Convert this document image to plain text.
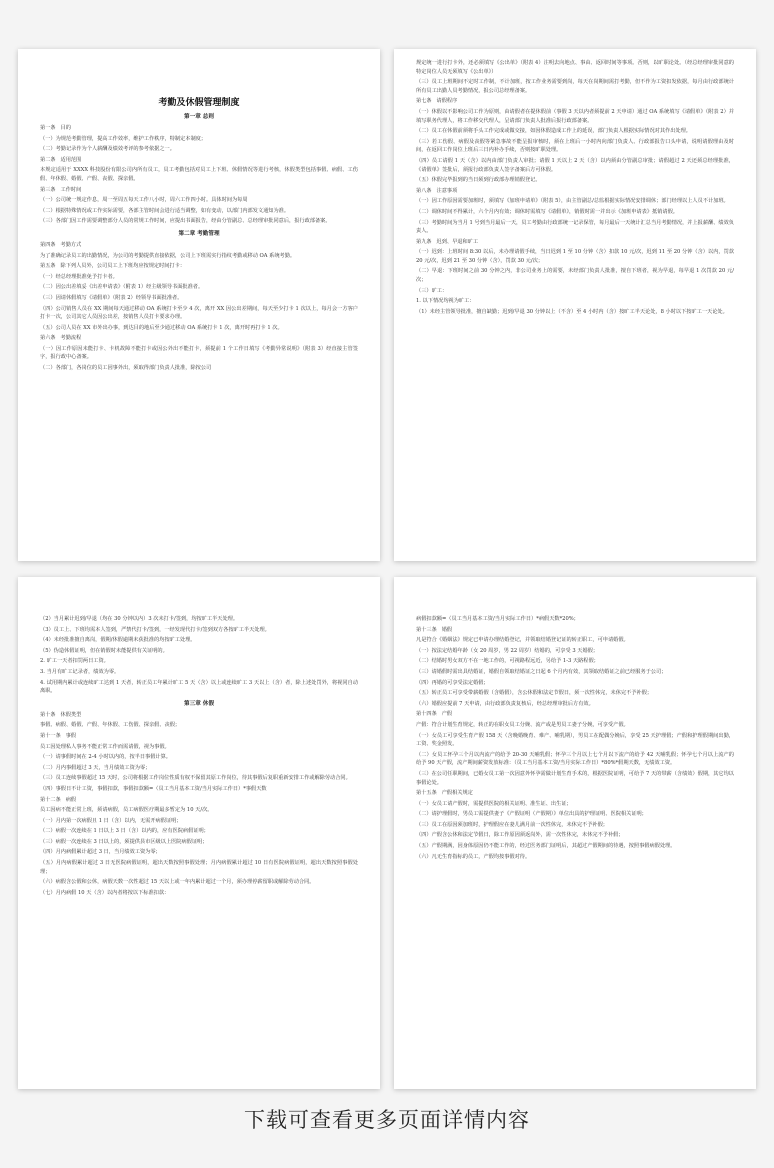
考勤及休假管理制度
第一章 总则
第一条   目的
（一）为规范考勤管理，提高工作效率，维护工作秩序，特制定本制度；
（二）考勤记录作为个人薪酬及绩效考评的参考依据之一。
第二条   适用范围
本规定适用于 XXXX 科技股份有限公司内所有员工，员工考勤包括对员工上下班、休假情况等进行考核，休假类型包括事假、病假、工伤假、年休假、婚假、产假、丧假、探亲假。
第三条   工作时间
（一）公司统一规定作息，周一至周五每天工作八小时，周六工作四小时。具体时间为每周
（二）根据特殊情况或工作实际需要，各部主管时间会进行适当调整，如有变动，以部门内部发文通知为准。
（三）各部门因工作需要调整部分人员的常规工作时间，应提出书面报告，经由分管副总、总经理审批同意后，报行政部备案。
第二章 考勤管理
第四条   考勤方式
为了准确记录员工的出勤情况，为公司的考勤提供直接依据，公司上下班需实行指纹考勤或移动 OA 系统考勤。
第五条   除下列人员外，公司员工上下班均应按规定时间打卡：
（一）经总经理批准免予打卡者。
（二）因公出差填妥《出差申请表》（附表 1）经主级领导书面批准者。
（三）因请休假填写《请假单》（附表 2）经领导书面批准者。
（四）公司销售人员在 XX 期间每天通过移动 OA 系统打卡至少 4 次，离开 XX 因公出差期间，每天至少打卡 1 次以上，每月会一方客户打卡一次，公司其它人员因公出差，按销售人员打卡要求办理。
（五）公司人员在 XX 市外出办事，到达目的地后至少通过移动 OA 系统打卡 1 次，离开时再打卡 1 次。
第六条   考勤流程
（一）因工作原因未能打卡、卡机故障不能打卡或因公外出不能打卡，须提前 1 个工作日填写《考勤异常说明》（附表 3）经直接主管签字，报行政中心备案。
（二）各部门，各岗位的员工因事外出，须取得部门负责人批准，除按公司
规定统一进行打卡外，还必须填写《公出单》（附表 4）注明去向地点、事由、返回时间等事项。否则，以旷职论处。（经总经理审批同意的特定岗位人员无须填写《公出单》）
（三）员工上班期间不定时工作制，不计加班，按工作业务需要到岗，每天在岗期间需打考勤，但不作为工资扣发依据，每月由行政部统计所有员工出勤人员考勤情况，报公司总经理备案。
第七条   请假程序
（一）休假以不影响公司工作为原则，由请假者在提休假前（事假 3 天以内者须提前 2 天申请）通过 OA 系统填写《请假单》（附表 2）并填写职务代理人，将工作移交代理人，呈请部门负责人批准后报行政部备案。
（二）员工在休假前须将手头工作完成或做交接，如因休假造成工作上的延误，部门负责人根据实际情况对其作出处理。
（三）若工伤假、病假及丧假等紧急事故不能呈报审核时，须在上班后一小时内向部门负责人、行政部报告口头申请，说明请假理由及时间，在返回工作岗位上班后三日内补办手续，否则按旷职处理。
（四）员工请假 1 天（含）以内由部门负责人审批；请假 1 天以上 2 天（含）以内须由分管副总审批；请假超过 2 天还须总经理批准，《请假单》签批后，须报行政部负责人签字备案后方可休假。
（五）休假完毕报到的当日须到行政部办理销假登记。
第八条   注意事项
（一）因工作原因需要加班时，须填写《加班申请单》（附表 5），由主管副总/总监根据实际情况安排调休；部门经理以上人员不计加班。
（二）调休时间不得累计，六个月内有效；调休时需填写《请假单》，销假时需一并出示《加班申请表》抵销请假。
（三）考勤时间为当月 1 号到当月最后一天，员工考勤由行政部统一记录保管，每月最后一天统计汇总当月考勤情况，并上报薪酬、绩效负责人。
第九条   迟到、早退和旷工
（一）迟到：上班时间 8:30 以后，未办理请假手续，当日迟到 1 至 10 分钟（含）扣款 10 元/次，迟到 11 至 20 分钟（含）以内，罚款 20 元/次，迟到 21 至 30 分钟（含），罚款 30 元/次；
（二）早退：下班时间之前 30 分钟之内，非公司业务上的需要，未经部门负责人批准，擅自下班者，视为早退，每早退 1 次罚款 20 元/次；
（三）旷工：
1. 以下情况均视为旷工：
（1）未经主管领导批准，擅自缺勤；迟到/早退 30 分钟以上（不含）至 4 小时内（含）按旷工半天论处，8 小时以下按旷工一天论处。
（2）当月累计迟到/早退（均在 30 分钟以内）3 次未打卡/签到，均按旷工半天处理。
（3）员工上、下班均需本人签到，严禁代打卡/签到，一经发现代打卡/签到双方各按旷工半天处理。
（4）未经批准擅自离岗，假期/休假逾期未获批准的均按旷工处理。
（5）伪造休假证明，但在销假时未能提供有关证明的。
2. 旷工一天者扣罚两日工资。
3. 当月有旷工记录者，绩效为零。
4. 试用期内累计或连续旷工达到 1 天者，转正员工年累计旷工 5 天（含）以上或连续旷工 3 天以上（含）者，除上述处罚外，将视同自动离职。
第三章 休假
第十条   休假类型
事假、病假、婚假、产假、年休假、工伤假、探亲假、丧假；
第十一条   事假
员工因处理私人事务不能正常工作而需请假，视为事假。
（一）请事假时间在 2-4 小时以内的，按半日事假计算。
（二）月内事假超过 3 天，当月绩效工资为零；
（三）员工连续事假超过 15 天时，公司将根据工作岗位性质有权不保留其原工作岗位，待其事假后复职重新安排工作或解除劳动合同。
（四）事假日不计工资，事假扣款，事假扣款额=（员工当月基本工资/当月实际工作日）*事假天数
第十二条   病假
员工因病不能正常上班，须请病假，员工病假医疗期最多暂定为 10 天/次。
（一）月内第一次病假且 1 日（含）以内，无需开病假证明；
（二）病假一次连续在 1 日以上 3 日（含）以内的，应有医院病假证明；
（三）病假一次连续在 3 日以上的，须提供县市区级以上医院病假证明；
（四）月内病假累计超过 3 日，当月绩效工资为零；
（五）月内病假累计超过 3 日无医院病假证明，超出天数按照事假处理；月内病假累计超过 10 日有医院病假证明，超出天数按照事假处理；
（六）病假含公假和公休，病假天数一次性超过 15 天以上或一年内累计超过一个月，须办理停薪留职或解除劳动合同。
（七）月内病假 10 天（含）以内者将按以下标准扣款：
病假扣款额=（员工当月基本工资/当月实际工作日）*病假天数*20%；
第十三条   婚假
凡是符合《婚姻法》规定已申请办理结婚登记，并领取结婚登记证的转正职工，可申请婚假。
（一）按法定结婚年龄（女 20 周岁，男 22 周岁）结婚的，可享受 3 天婚假；
（二）结婚时男女双方不在一地工作的，可视路程远近，另给予 1-3 天路程假；
（三）请婚假时需出具结婚证，婚假自领取结婚证之日起 6 个月内有效，其领取结婚证之前已经服务于公司；
（四）再婚的可享受法定婚假；
（五）转正员工可享受带薪婚假（含婚假），含公休假和法定节假日，须一次性休完，未休完不予补假；
（六）婚假应提前 7 天申请，由行政部负责复核后，经总经理审批后方有效。
第十四条   产假
产假：符合计划生育规定，转正的在职女员工分娩、流产或是男员工妻子分娩，可享受产假。
（一）女员工可享受生育产假 158 天（含晚婚晚育、难产、哺乳期），男员工在配偶分娩后，享受 25 天护理假；产假和护理假期间出勤，工资、奖金照发。
（二）女员工怀孕三个月以内流产的给予 20-30 天哺乳假；怀孕三个月以上七个月以下流产的给予 42 天哺乳假；怀孕七个月以上流产的给予 90 天产假，流产期间薪资发放标准：（员工当月基本工资/当月实际工作日）*80%*假期天数，无绩效工资。
（三）在公司任职期间，已婚女员工第一次因意外怀孕需做计划生育手术的，根据医院证明，可给予 7 天的带薪（含绩效）假期，其它均以事假论处。
第十五条   产假相关规定
（一）女员工请产假时，需提供医院的相关证明、准生证、出生证；
（二）请护理假时，男员工需提供妻子《产假证明（产假期）》单位出具的护理证明、医院相关证明；
（三）员工在原因须加班时，护理假应在妻儿满月前一次性休完，未休完不予补假；
（四）产假含公休和法定节假日，除工作原因须返岗外，需一次性休完，未休完不予补假；
（五）产假期满，因身体原因仍不能工作的，经过医务部门证明后，其超过产假期间的待遇，按照事假病假处理。
（六）凡无生育指标的员工，产假均按事假对待。
下载可查看更多页面详情内容
